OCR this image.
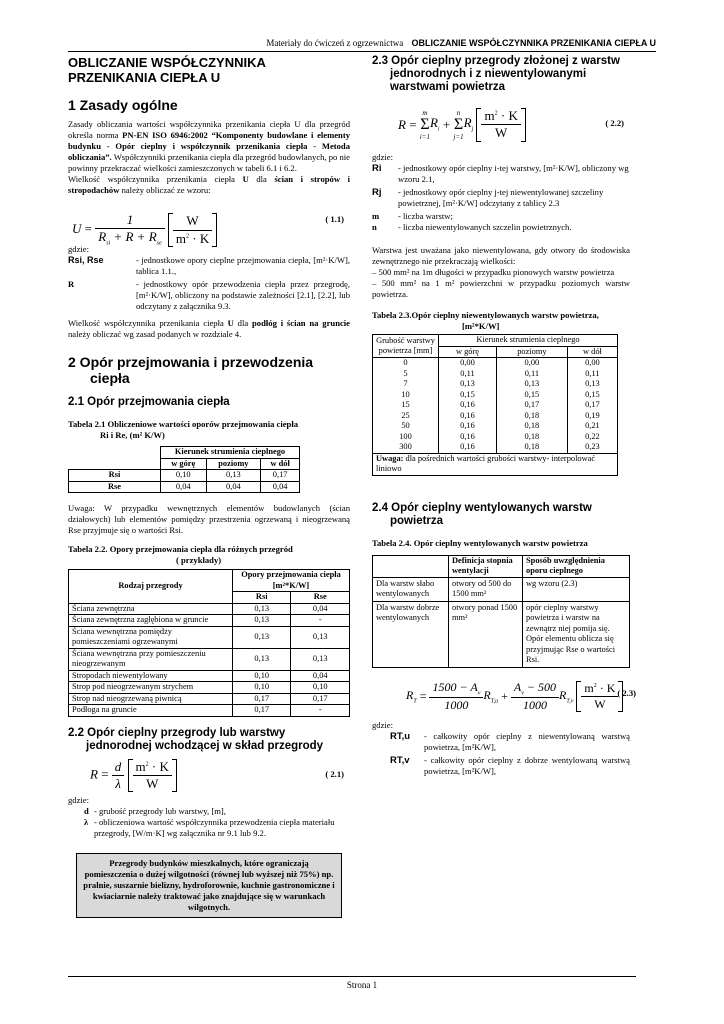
Materiały do ćwiczeń z ogrzewnictwa OBLICZANIE WSPÓŁCZYNNIKA PRZENIKANIA CIEPŁA U
OBLICZANIE WSPÓŁCZYNNIKA
PRZENIKANIA CIEPŁA U
1 Zasady ogólne

Zasady obliczania wartości współczynnika przenikania ciepła U dla przegród określa norma PN-EN ISO 6946:2002 “Komponenty budowlane i elementy budynku - Opór cieplny i współczynnik przenikania ciepła - Metoda obliczania”. Współczynniki przenikania ciepła dla przegród budowlanych, po nie powinny przekraczać wielkości zamieszczonych w tabeli 6.1 i 6.2.

Wielkość współczynnika przenikania ciepła U dla ścian i stropów i stropodachów należy obliczać ze wzoru:

$U = \frac{1}{R_{si} + R + R_{se}}$
$\frac{W}{m^2 \cdot K}$	( 1.1)
gdzie:
Rsi, Rse	- jednostkowe opory cieplne przejmowania ciepła, [m²·K/W], tablica 1.1.,
R	- jednostkowy opór przewodzenia ciepła przez przegrodę, [m²·K/W], obliczony na podstawie zależności [2.1], [2.2], lub odczytany z załącznika 9.3.

Wielkość współczynnika przenikania ciepła U dla podłóg i ścian na gruncie należy obliczać wg zasad podanych w rozdziale 4.

2 Opór przejmowania i przewodzenia
ciepła
2.1 Opór przejmowania ciepła
Tabela 2.1 Obliczeniowe wartości oporów przejmowania ciepła
Ri i Re, (m² K/W)
	Kierunek strumienia cieplnego		
	w górę	poziomy	w dół
Rsi	0,10	0,13	0,17
Rse	0,04	0,04	0,04

Uwaga: W przypadku wewnętrznych elementów budowlanych (ścian działowych) lub elementów pomiędzy przestrzenia ogrzewaną i nieogrzewaną Rse przyjmuje się o wartości Rsi.

Tabela 2.2. Opory przejmowania ciepła dla różnych przegród
( przykłady)
Rodzaj przegrody	Opory przejmowania ciepła [m²*K/W]	
	Rsi	Rse
Ściana zewnętrzna	0,13	0,04
Ściana zewnętrzna zagłębiona w gruncie	0,13	-
Ściana wewnętrzna pomiędzy pomieszczeniami ogrzewanymi	0,13	0,13
Ściana wewnętrzna przy pomieszczeniu nieogrzewanym	0,13	0,13
Stropodach niewentylowany	0,10	0,04
Strop pod nieogrzewanym strychem	0,10	0,10
Strop nad nieogrzewaną piwnicą	0,17	0,17
Podłoga na gruncie	0,17	-
2.2 Opór cieplny przegrody lub warstwy
jednorodnej wchodzącej w skład przegrody
$R = \frac{d}{\lambda}$
$\frac{m^2 \cdot K}{W}$	( 2.1)
gdzie:
d - grubość przegrody lub warstwy, [m],
λ - obliczeniowa wartość współczynnika przewodzenia ciepła materiału przegrody, [W/m·K] wg załącznika nr 9.1 lub 9.2.
Przegrody budynków mieszkalnych, które ograniczają pomieszczenia o dużej wilgotności (równej lub wyższej niż 75%) np. pralnie, suszarnie bielizny, hydroforownie, kuchnie gastronomiczne i kwiaciarnie należy traktować jako znajdujące się w warunkach wilgotnych.
2.3 Opór cieplny przegrody złożonej z warstw
jednorodnych i z niewentylowanymi
warstwami powietrza
R
=

m
Σ
i=1
$R_i$
+

n
Σ
j=1
$R_j$
$\frac{m^2 \cdot K}{W}$	( 2.2)
gdzie:
Ri	- jednostkowy opór cieplny i-tej warstwy, [m²·K/W], obliczony wg wzoru 2.1,
Rj	- jednostkowy opór cieplny j-tej niewentylowanej szczeliny powietrznej, [m²·K/W] odczytany z tablicy 2.3
m	- liczba warstw;
n	- liczba niewentylowanych szczelin powietrznych.

Warstwa jest uważana jako niewentylowana, gdy otwory do środowiska zewnętrznego nie przekraczają wielkości:

– 500 mm² na 1m długości w przypadku pionowych warstw powietrza

– 500 mm² na 1 m² powierzchni w przypadku poziomych warstw powietrza.

Tabela 2.3.Opór cieplny niewentylowanych warstw powietrza,
[m²*K/W]
Grubość warstwy powietrza [mm]	Kierunek strumienia cieplnego		
	w górę	poziomy	w dół
0	0,00	0,00	0,00
5	0,11	0,11	0,11
7	0,13	0,13	0,13
10	0,15	0,15	0,15
15	0,16	0,17	0,17
25	0,16	0,18	0,19
50	0,16	0,18	0,21
100	0,16	0,18	0,22
300	0,16	0,18	0,23
Uwaga: dla pośrednich wartości grubości warstwy- interpolować liniowo			
2.4 Opór cieplny wentylowanych warstw
powietrza
Tabela 2.4. Opór cieplny wentylowanych warstw powietrza
	Definicja stopnia wentylacji	Sposób uwzględnienia oporu cieplnego
Dla warstw słabo wentylowanych	otwory od 500 do 1500 mm²	wg wzoru (2.3)
Dla warstw dobrze wentylowanych	otwory ponad 1500 mm²	opór cieplny warstwy powietrza i warstw na zewnątrz niej pomija się. Opór elementu oblicza się przyjmując Rse o wartości Rsi.
$R_T$
=
$\frac{1500 - A_v}{1000} R_{T,u}$
+
$\frac{A_v - 500}{1000} R_{T,v}$
$\frac{m^2 \cdot K}{W}$
( 2.3)
gdzie:
RT,u	- całkowity opór cieplny z niewentylowaną warstwą powietrza, [m²K/W],
RT,v	- całkowity opór cieplny z dobrze wentylowaną warstwą powietrza, [m²K/W],
Strona 1
